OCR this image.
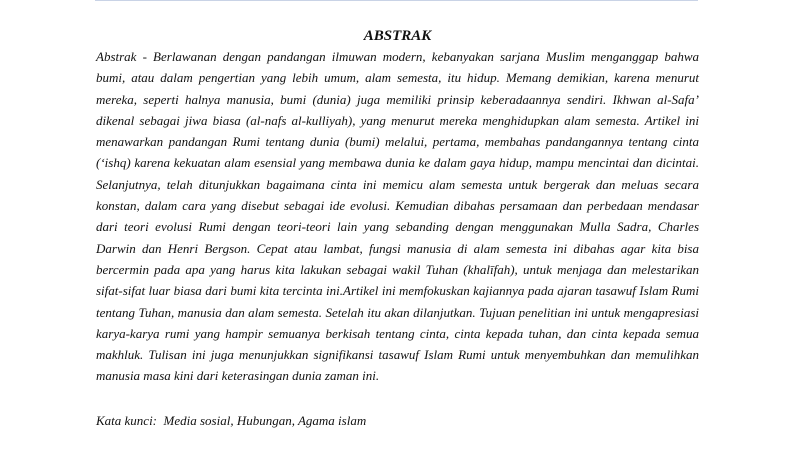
ABSTRAK

Abstrak - Berlawanan dengan pandangan ilmuwan modern, kebanyakan sarjana Muslim menganggap bahwa bumi, atau dalam pengertian yang lebih umum, alam semesta, itu hidup. Memang demikian, karena menurut mereka, seperti halnya manusia, bumi (dunia) juga memiliki prinsip keberadaannya sendiri. Ikhwan al-Safa’ dikenal sebagai jiwa biasa (al-nafs al-kulliyah), yang menurut mereka menghidupkan alam semesta. Artikel ini menawarkan pandangan Rumi tentang dunia (bumi) melalui, pertama, membahas pandangannya tentang cinta (‘ishq) karena kekuatan alam esensial yang membawa dunia ke dalam gaya hidup, mampu mencintai dan dicintai. Selanjutnya, telah ditunjukkan bagaimana cinta ini memicu alam semesta untuk bergerak dan meluas secara konstan, dalam cara yang disebut sebagai ide evolusi. Kemudian dibahas persamaan dan perbedaan mendasar dari teori evolusi Rumi dengan teori-teori lain yang sebanding dengan menggunakan Mulla Sadra, Charles Darwin dan Henri Bergson. Cepat atau lambat, fungsi manusia di alam semesta ini dibahas agar kita bisa bercermin pada apa yang harus kita lakukan sebagai wakil Tuhan (khalīfah), untuk menjaga dan melestarikan sifat-sifat luar biasa dari bumi kita tercinta ini.Artikel ini memfokuskan kajiannya pada ajaran tasawuf Islam Rumi tentang Tuhan, manusia dan alam semesta. Setelah itu akan dilanjutkan. Tujuan penelitian ini untuk mengapresiasi karya-karya rumi yang hampir semuanya berkisah tentang cinta, cinta kepada tuhan, dan cinta kepada semua makhluk. Tulisan ini juga menunjukkan signifikansi tasawuf Islam Rumi untuk menyembuhkan dan memulihkan manusia masa kini dari keterasingan dunia zaman ini.

Kata kunci: Media sosial, Hubungan, Agama islam
